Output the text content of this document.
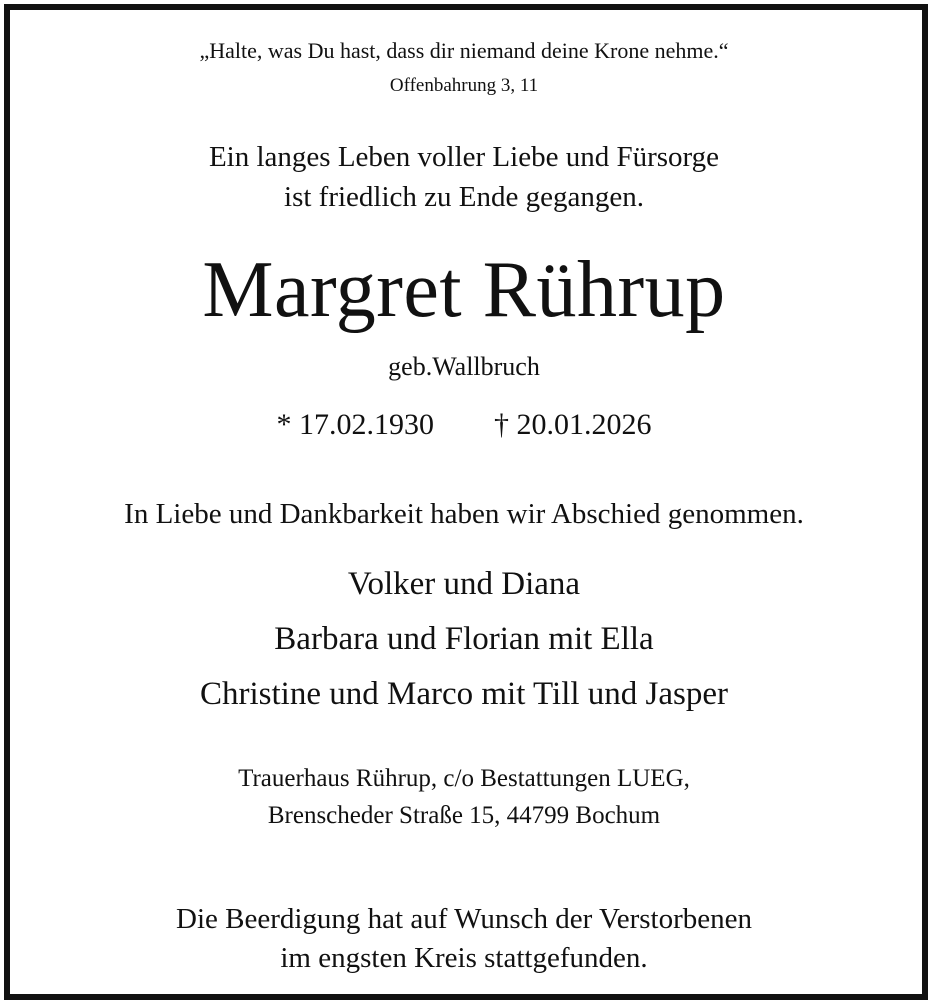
„Halte, was Du hast, dass dir niemand deine Krone nehme.“
Offenbahrung 3, 11
Ein langes Leben voller Liebe und Fürsorge
ist friedlich zu Ende gegangen.
Margret Rührup
geb.Wallbruch
* 17.02.1930 † 20.01.2026
In Liebe und Dankbarkeit haben wir Abschied genommen.
Volker und Diana
Barbara und Florian mit Ella
Christine und Marco mit Till und Jasper
Trauerhaus Rührup, c/o Bestattungen LUEG,
Brenscheder Straße 15, 44799 Bochum
Die Beerdigung hat auf Wunsch der Verstorbenen
im engsten Kreis stattgefunden.
